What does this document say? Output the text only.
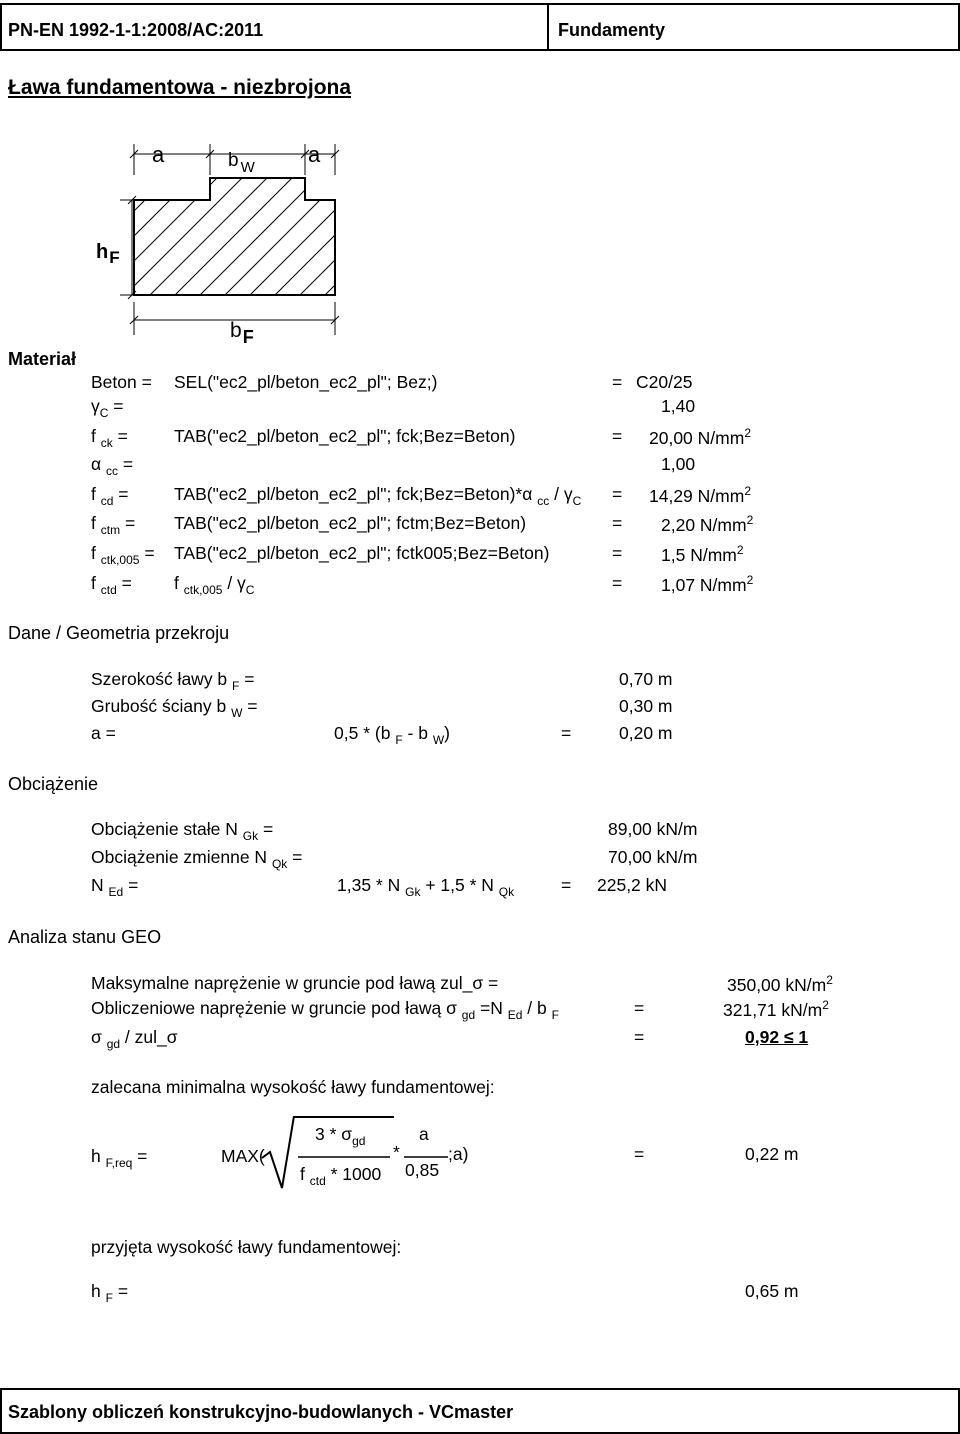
PN-EN 1992-1-1:2008/AC:2011	Fundamenty
Ława fundamentowa - niezbrojona
a	b $_W$
a
$h_F$
bF
Materiał
Beton = SEL("ec2_pl/beton_ec2_pl"; Bez;)	= C20/25
$\gamma_C$ =	1,40
f $_{ck}$ =	TAB("ec2_pl/beton_ec2_pl"; fck;Bez=Beton)	= 20,00 $N/mm^2$
α $_{cc}$ =	1,00
f $_{cd}$ =	TAB("ec2_pl/beton_ec2_pl"; fck;Bez=Beton)*α $_{cc} / \gamma_C = 14,29$ $N/mm^2$
f $_{ctm}$ = TAB("ec2_pl/beton_ec2_pl"; fctm;Bez=Beton)	= 2,20 $N/mm^2$
f $_{ctk,005}$ = TAB("ec2_pl/beton_ec2_pl"; fctk005;Bez=Beton)	= 1,5 $N/mm^2$
f $_{ctd}$ = f $_{ctk,005} / \gamma_C$	= 1,07 $N/mm^2$
Dane / Geometria przekroju
Szerokość ławy b $_F$ =	0,70 m
Grubość ściany b $_W$ =	0,30 m
a =	0,5 * (b $_F$ - b $_W$)	=	0,20 m
Obciążenie
Obciążenie stałe N $_{Gk}$ =	89,00 kN/m
Obciążenie zmienne N $_{Qk}$ =	70,00 kN/m
N $_{Ed}$ =	1,35 * N $_{Gk}$ + 1,5 * N $_{Qk}$	= 225,2 kN
Analiza stanu GEO
Maksymalne naprężenie w gruncie pod ławą zul_σ =	350,00 $kN/m^2$
Obliczeniowe naprężenie w gruncie pod ławą σ $_{gd}$ =N $_{Ed}$ / b $_F$	=	321,71 $kN/m^2$
σ $_{gd}$ / zul_σ	=	0,92 ≤ 1
zalecana minimalna wysokość ławy fundamentowej:
h $_{F,req}$ =	MAX(
$3 * \sigma_{gd}$
f $_{ctd}$ * 1000
*
a
0,85
;a)	=	0,22 m
przyjęta wysokość ławy fundamentowej:
h $_F$ =	0,65 m
Szablony obliczeń konstrukcyjno-budowlanych - VCmaster
